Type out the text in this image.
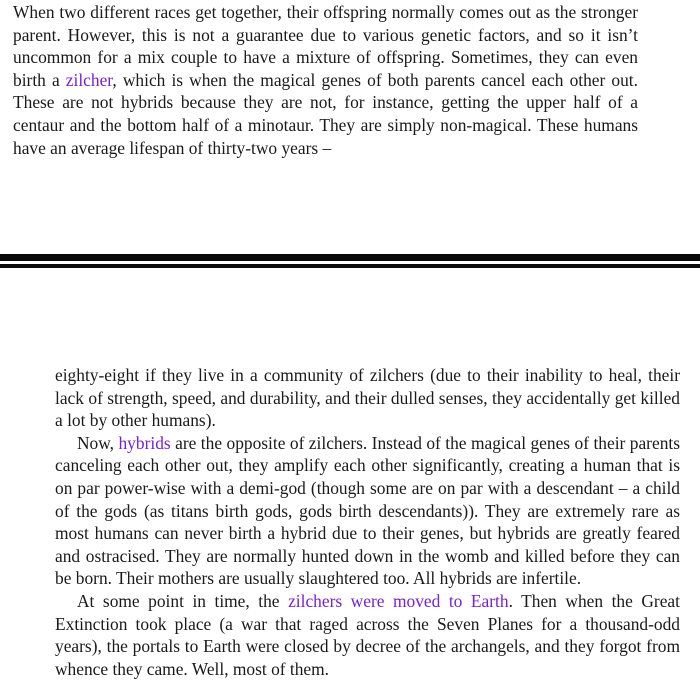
When two different races get together, their offspring normally comes out as the stronger parent. However, this is not a guarantee due to various genetic factors, and so it isn’t uncommon for a mix couple to have a mixture of offspring. Sometimes, they can even birth a zilcher, which is when the magical genes of both parents cancel each other out. These are not hybrids because they are not, for instance, getting the upper half of a centaur and the bottom half of a minotaur. They are simply non-magical. These humans have an average lifespan of thirty-two years –

eighty-eight if they live in a community of zilchers (due to their inability to heal, their lack of strength, speed, and durability, and their dulled senses, they accidentally get killed a lot by other humans).

Now, hybrids are the opposite of zilchers. Instead of the magical genes of their parents canceling each other out, they amplify each other significantly, creating a human that is on par power-wise with a demi-god (though some are on par with a descendant – a child of the gods (as titans birth gods, gods birth descendants)). They are extremely rare as most humans can never birth a hybrid due to their genes, but hybrids are greatly feared and ostracised. They are normally hunted down in the womb and killed before they can be born. Their mothers are usually slaughtered too. All hybrids are infertile.

At some point in time, the zilchers were moved to Earth. Then when the Great Extinction took place (a war that raged across the Seven Planes for a thousand-odd years), the portals to Earth were closed by decree of the archangels, and they forgot from whence they came. Well, most of them.
